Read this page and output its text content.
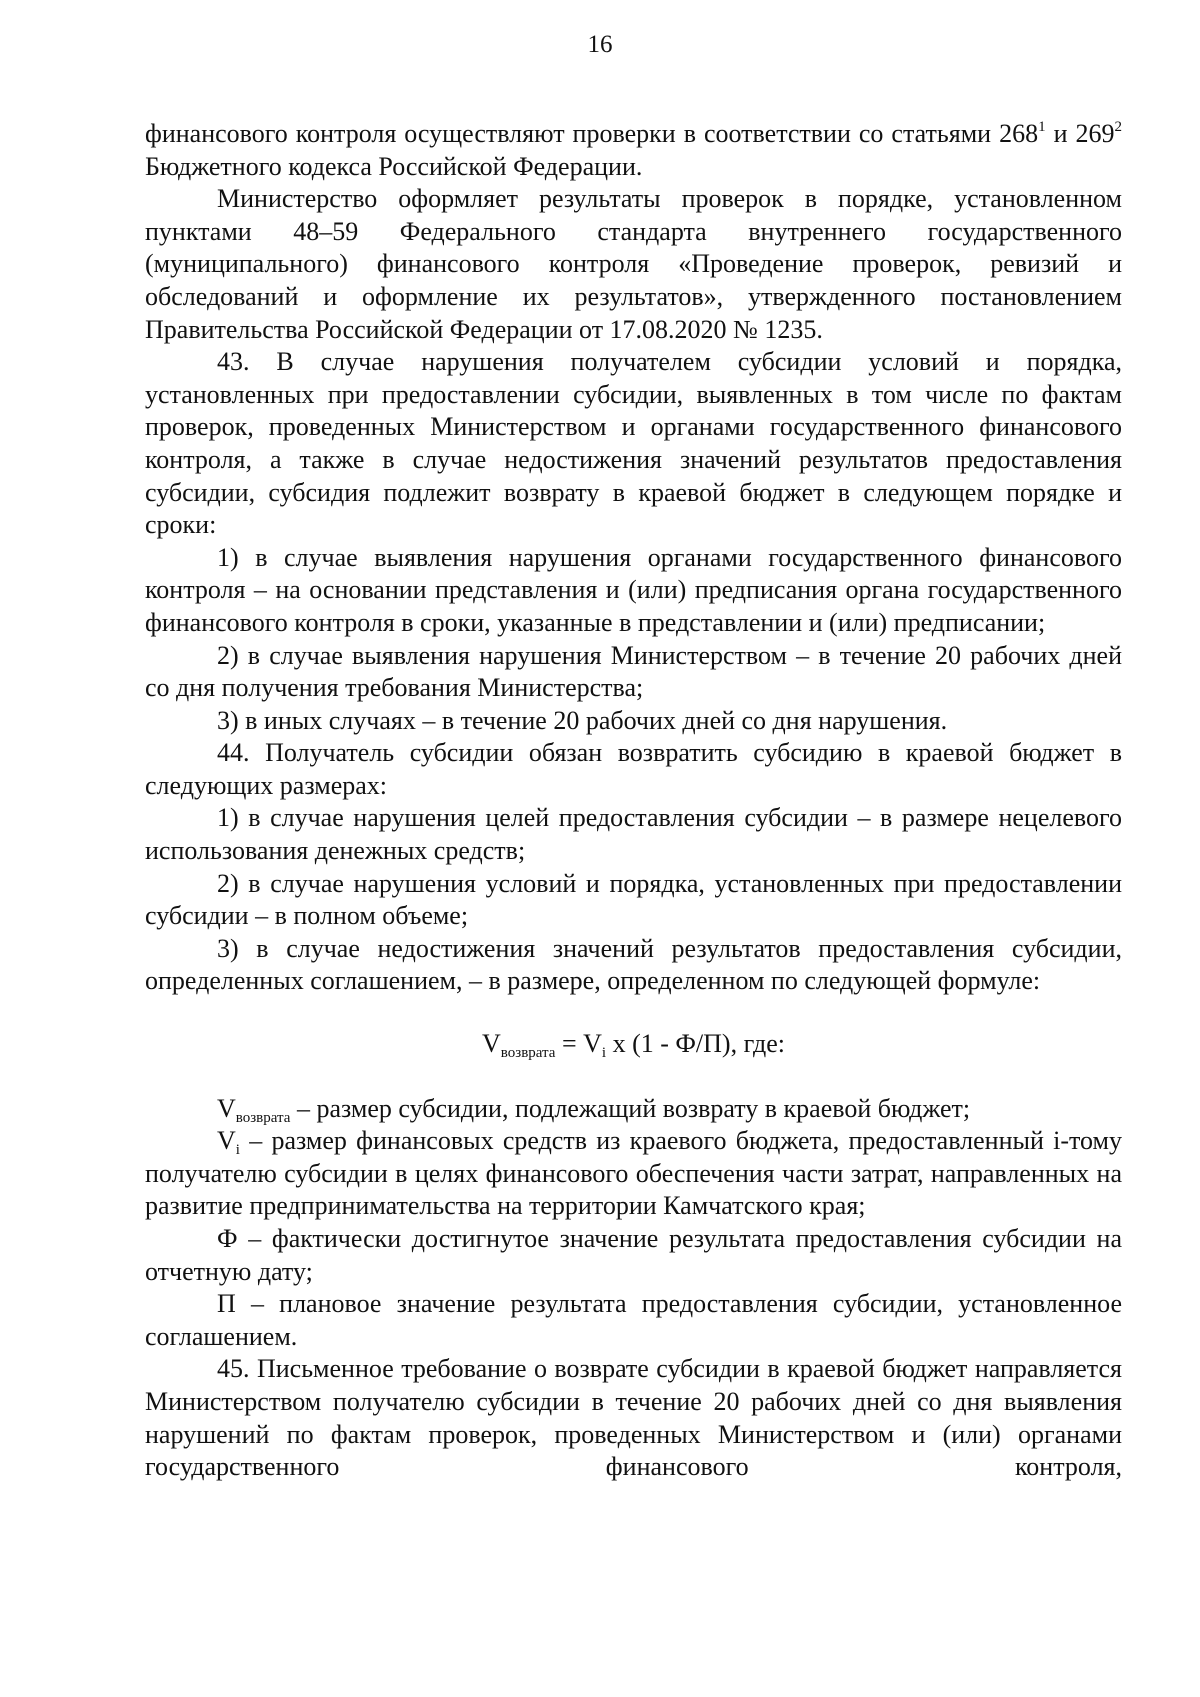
16

финансового контроля осуществляют проверки в соответствии со статьями $268^1$ и $269^2$ Бюджетного кодекса Российской Федерации.

Министерство оформляет результаты проверок в порядке, установленном пунктами 48–59 Федерального стандарта внутреннего государственного (муниципального) финансового контроля «Проведение проверок, ревизий и обследований и оформление их результатов», утвержденного постановлением Правительства Российской Федерации от 17.08.2020 № 1235.

43. В случае нарушения получателем субсидии условий и порядка, установленных при предоставлении субсидии, выявленных в том числе по фактам проверок, проведенных Министерством и органами государственного финансового контроля, а также в случае недостижения значений результатов предоставления субсидии, субсидия подлежит возврату в краевой бюджет в следующем порядке и сроки:

1) в случае выявления нарушения органами государственного финансового контроля – на основании представления и (или) предписания органа государственного финансового контроля в сроки, указанные в представлении и (или) предписании;

2) в случае выявления нарушения Министерством – в течение 20 рабочих дней со дня получения требования Министерства;

3) в иных случаях – в течение 20 рабочих дней со дня нарушения.

44. Получатель субсидии обязан возвратить субсидию в краевой бюджет в следующих размерах:

1) в случае нарушения целей предоставления субсидии – в размере нецелевого использования денежных средств;

2) в случае нарушения условий и порядка, установленных при предоставлении субсидии – в полном объеме;

3) в случае недостижения значений результатов предоставления субсидии, определенных соглашением, – в размере, определенном по следующей формуле:

$V_{возврата} = V_i$ х (1 - Ф/П), где:

$V_{возврата}$ – размер субсидии, подлежащий возврату в краевой бюджет;

$V_i$ – размер финансовых средств из краевого бюджета, предоставленный i-тому получателю субсидии в целях финансового обеспечения части затрат, направленных на развитие предпринимательства на территории Камчатского края;

Ф – фактически достигнутое значение результата предоставления субсидии на отчетную дату;

П – плановое значение результата предоставления субсидии, установленное соглашением.

45. Письменное требование о возврате субсидии в краевой бюджет направляется Министерством получателю субсидии в течение 20 рабочих дней со дня выявления нарушений по фактам проверок, проведенных Министерством и (или) органами государственного финансового контроля,
